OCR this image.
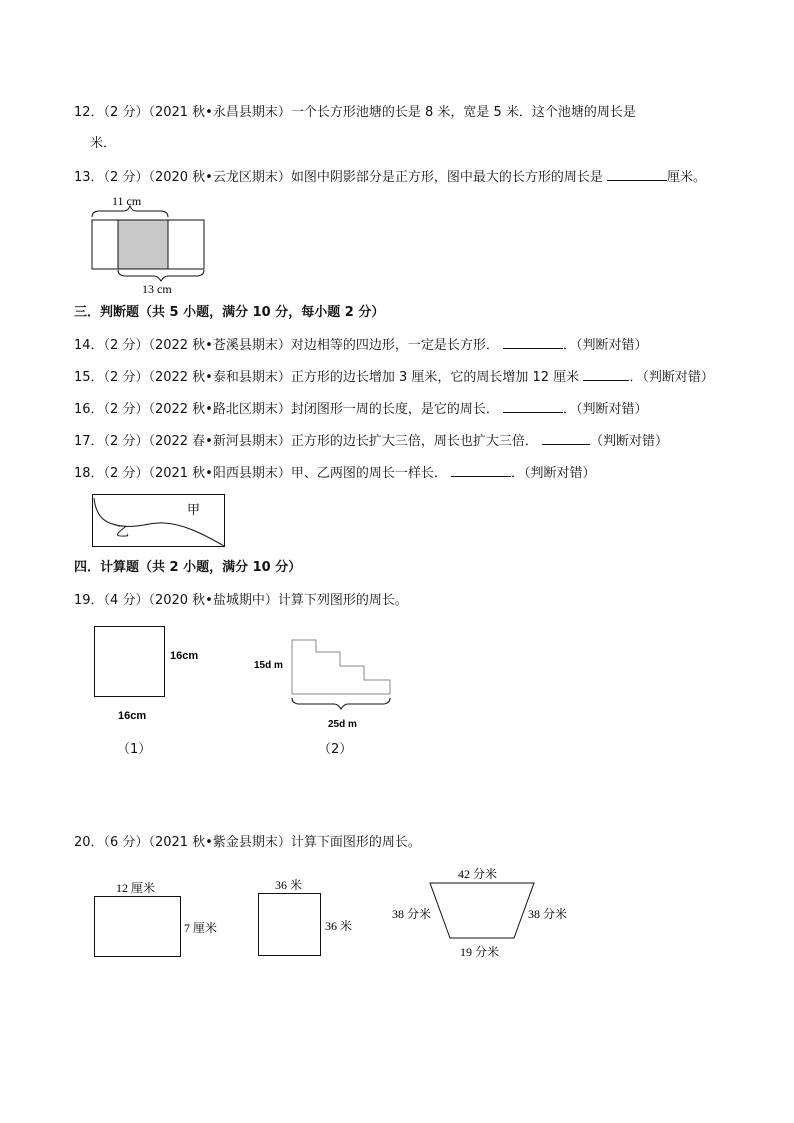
12．（2 分）（2021 秋•永昌县期末）一个长方形池塘的长是 8 米，宽是 5 米．这个池塘的周长是
米．
13．（2 分）（2020 秋•云龙区期末）如图中阴影部分是正方形，图中最大的长方形的周长是	厘米。
11 cm
13 cm
三．判断题（共 5 小题，满分 10 分，每小题 2 分）
14．（2 分）（2022 秋•苍溪县期末）对边相等的四边形，一定是长方形．	．（判断对错）
15．（2 分）（2022 秋•泰和县期末）正方形的边长增加 3 厘米，它的周长增加 12 厘米	．（判断对错）
16．（2 分）（2022 秋•路北区期末）封闭图形一周的长度，是它的周长．	．（判断对错）
17．（2 分）（2022 春•新河县期末）正方形的边长扩大三倍，周长也扩大三倍．	（判断对错）
18．（2 分）（2021 秋•阳西县期末）甲、乙两图的周长一样长．	．（判断对错）
甲
乙
四．计算题（共 2 小题，满分 10 分）
19．（4 分）（2020 秋•盐城期中）计算下列图形的周长。
16cm
16cm
（1）
15d m
25d m
（2）
20．（6 分）（2021 秋•紫金县期末）计算下面图形的周长。
12 厘米
7 厘米
36 米
36 米
42 分米
38 分米	38 分米
19 分米
